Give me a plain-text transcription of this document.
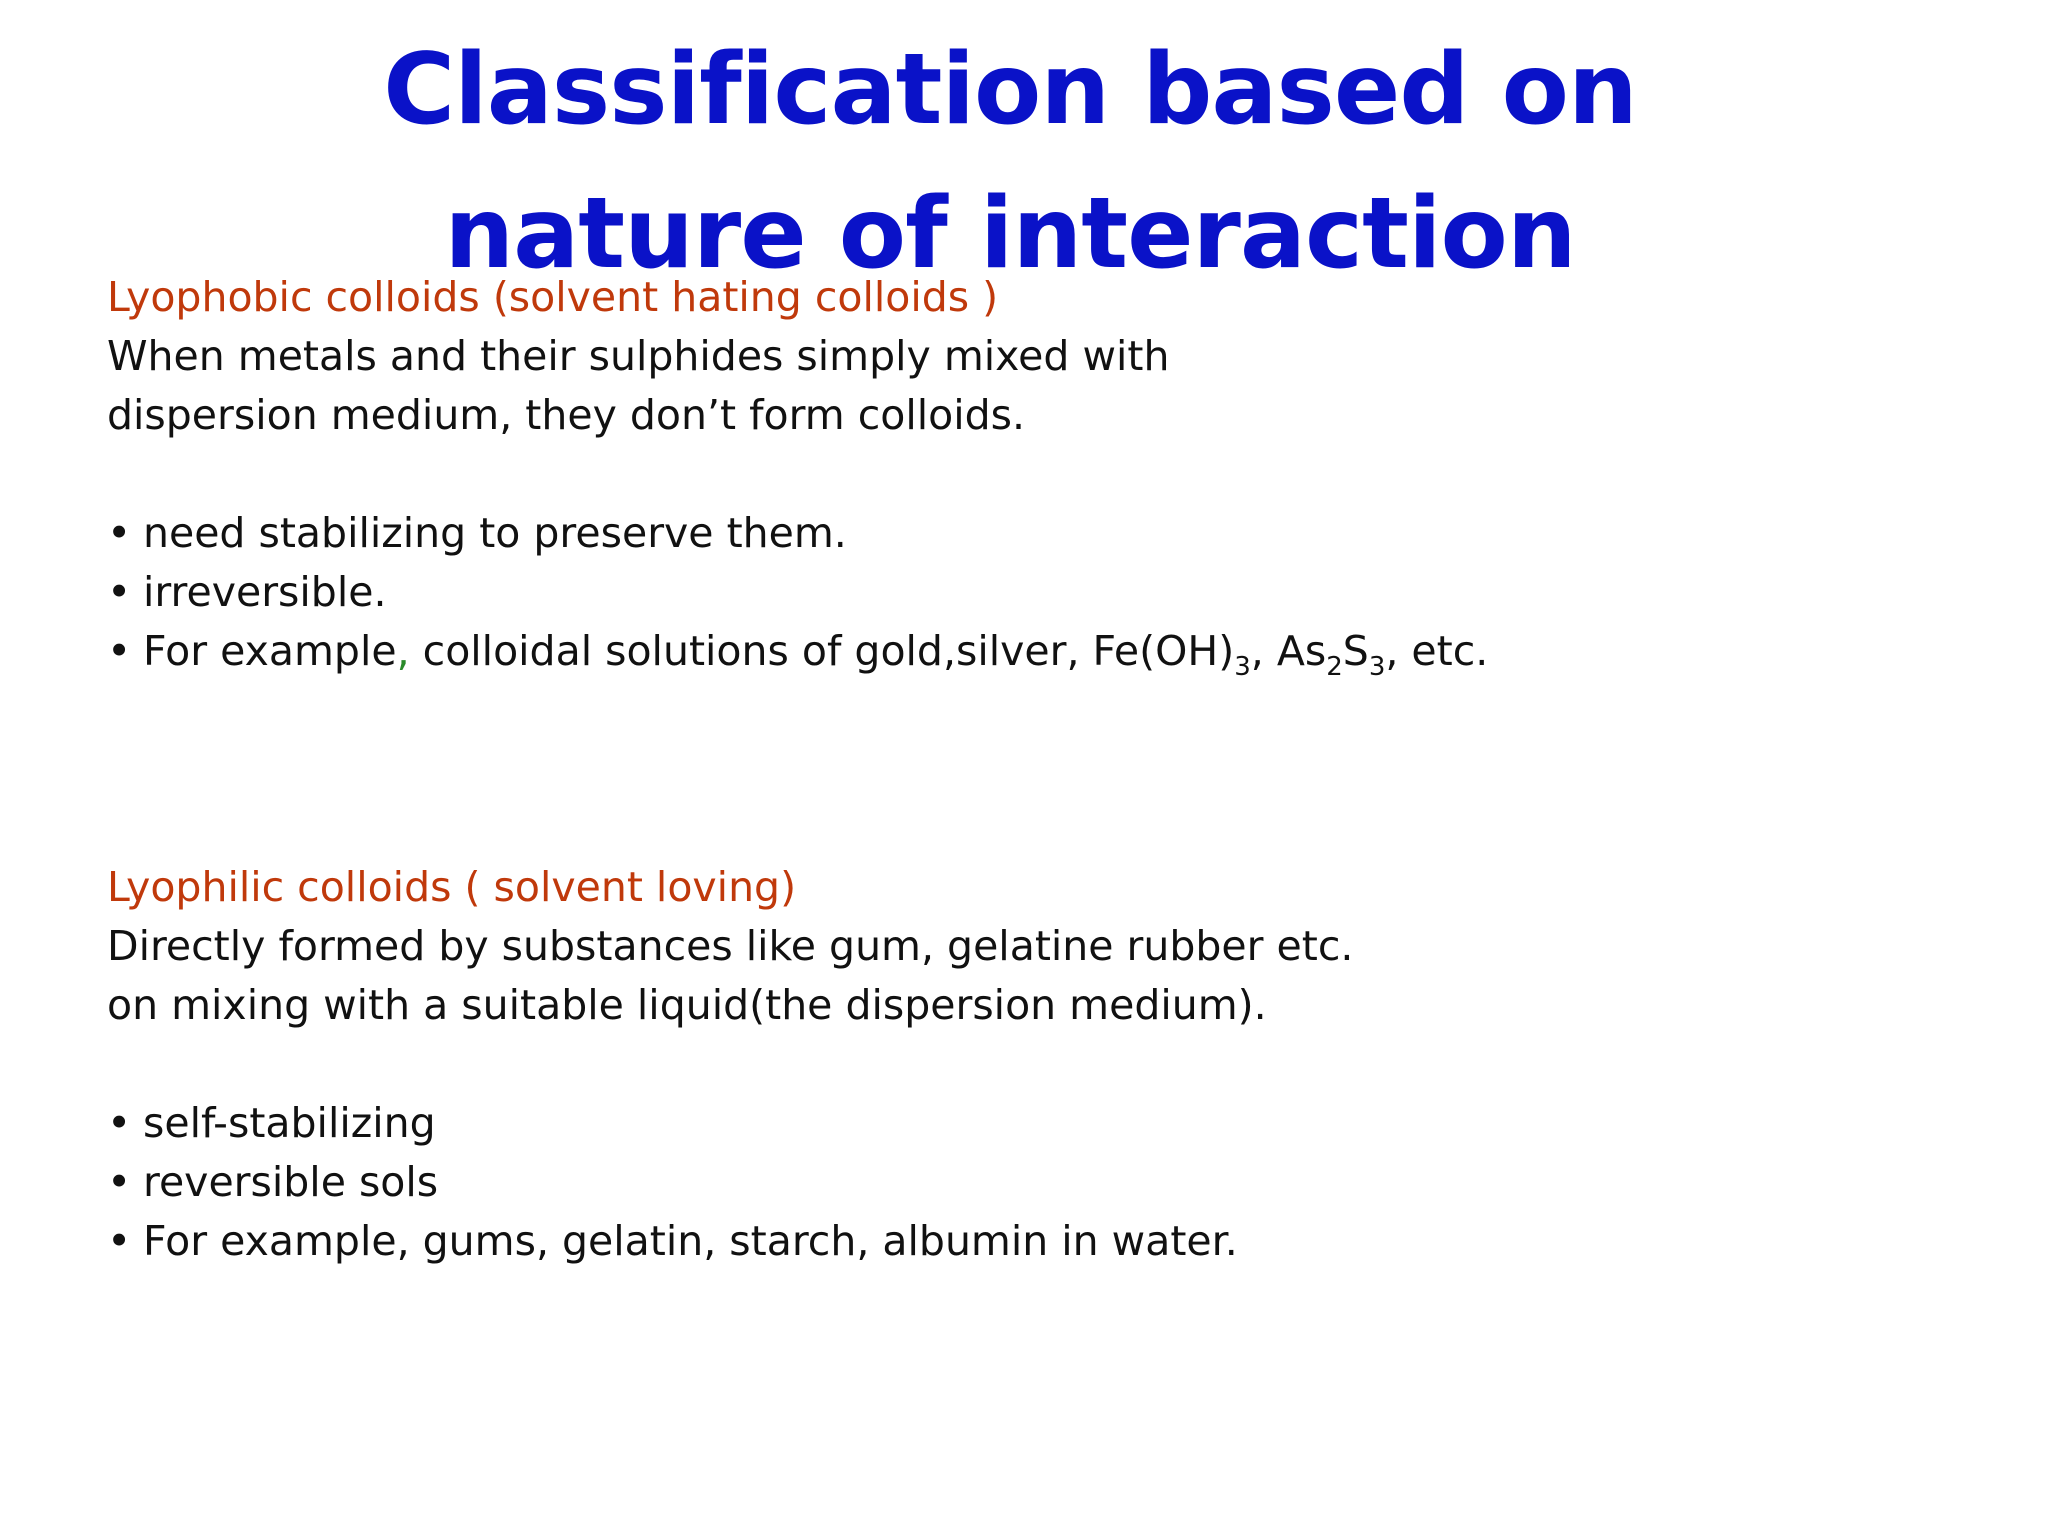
Classification based on nature of interaction
Lyophobic colloids (solvent hating colloids )
When metals and their sulphides simply mixed with
dispersion medium, they don’t form colloids.
• need stabilizing to preserve them.
• irreversible.
• For example, colloidal solutions of gold,silver, $Fe(OH)_3$, $As_2S_3$, etc.
Lyophilic colloids ( solvent loving)
Directly formed by substances like gum, gelatine rubber etc.
on mixing with a suitable liquid(the dispersion medium).
• self-stabilizing
• reversible sols
• For example, gums, gelatin, starch, albumin in water.
